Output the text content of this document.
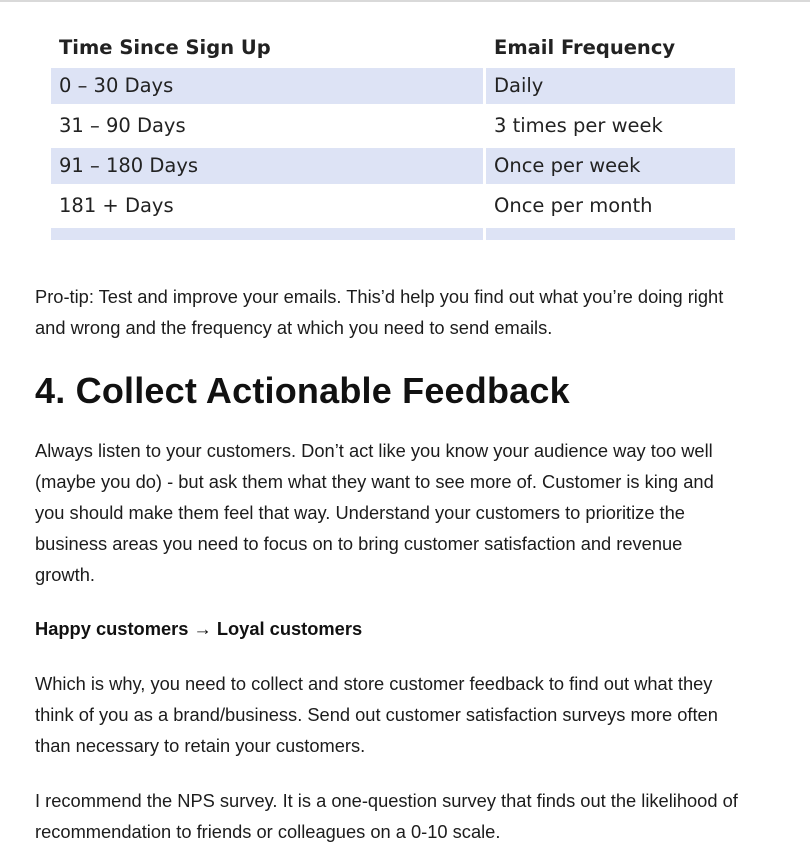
Time Since Sign Up	Email Frequency
0 – 30 Days	Daily
31 – 90 Days	3 times per week
91 – 180 Days	Once per week
181 + Days	Once per month

Pro-tip: Test and improve your emails. This’d help you find out what you’re doing right and wrong and the frequency at which you need to send emails.

4. Collect Actionable Feedback

Always listen to your customers. Don’t act like you know your audience way too well (maybe you do) - but ask them what they want to see more of. Customer is king and you should make them feel that way. Understand your customers to prioritize the business areas you need to focus on to bring customer satisfaction and revenue growth.

Happy customers → Loyal customers

Which is why, you need to collect and store customer feedback to find out what they think of you as a brand/business. Send out customer satisfaction surveys more often than necessary to retain your customers.

I recommend the NPS survey. It is a one-question survey that finds out the likelihood of recommendation to friends or colleagues on a 0-10 scale.
